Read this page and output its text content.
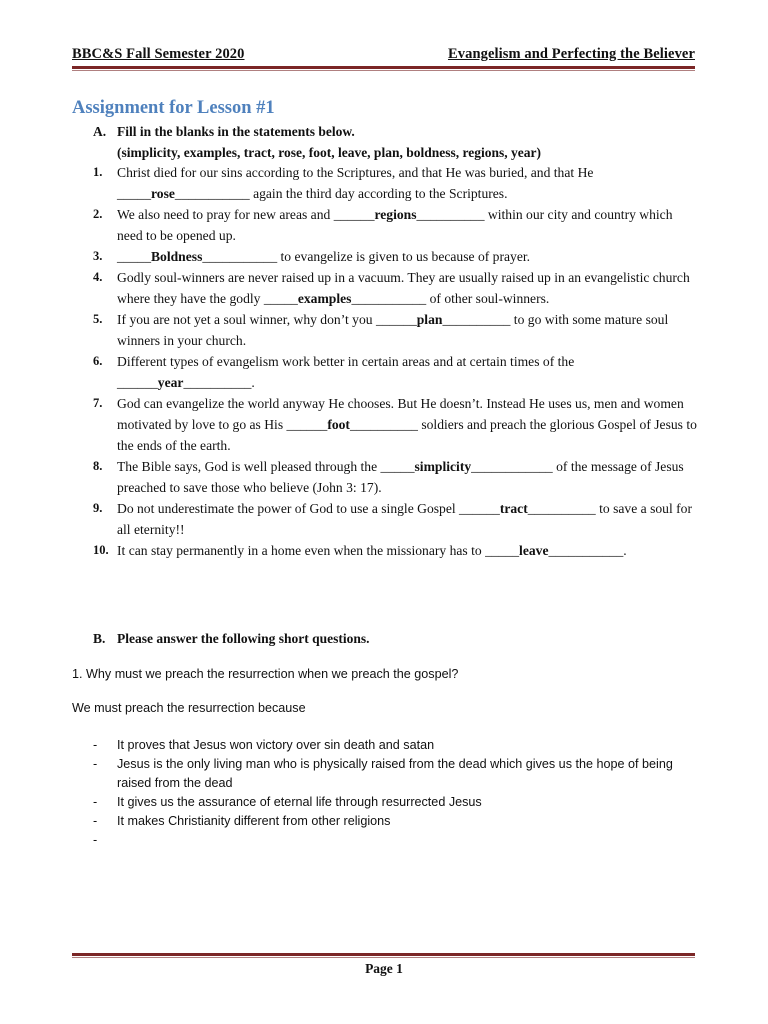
BBC&S Fall Semester 2020	Evangelism and Perfecting the Believer
Assignment for Lesson #1
A. Fill in the blanks in the statements below.
(simplicity, examples, tract, rose, foot, leave, plan, boldness, regions, year)
1.	Christ died for our sins according to the Scriptures, and that He was buried, and that He _____rose___________ again the third day according to the Scriptures.
2.	We also need to pray for new areas and ______regions__________ within our city and country which need to be opened up.
3.	_____Boldness___________ to evangelize is given to us because of prayer.
4.	Godly soul-winners are never raised up in a vacuum. They are usually raised up in an evangelistic church where they have the godly _____examples___________ of other soul-winners.
5.	If you are not yet a soul winner, why don’t you ______plan__________ to go with some mature soul winners in your church.
6.	Different types of evangelism work better in certain areas and at certain times of the ______year__________.
7.	God can evangelize the world anyway He chooses. But He doesn’t. Instead He uses us, men and women motivated by love to go as His ______foot__________ soldiers and preach the glorious Gospel of Jesus to the ends of the earth.
8.	The Bible says, God is well pleased through the _____simplicity____________ of the message of Jesus preached to save those who believe (John 3: 17).
9.	Do not underestimate the power of God to use a single Gospel ______tract__________ to save a soul for all eternity!!
10. It can stay permanently in a home even when the missionary has to _____leave___________.
B. Please answer the following short questions.
1. Why must we preach the resurrection when we preach the gospel?
We must preach the resurrection because
-	It proves that Jesus won victory over sin death and satan
-	Jesus is the only living man who is physically raised from the dead which gives us the hope of being raised from the dead
-	It gives us the assurance of eternal life through resurrected Jesus
-	It makes Christianity different from other religions
-
Page 1
